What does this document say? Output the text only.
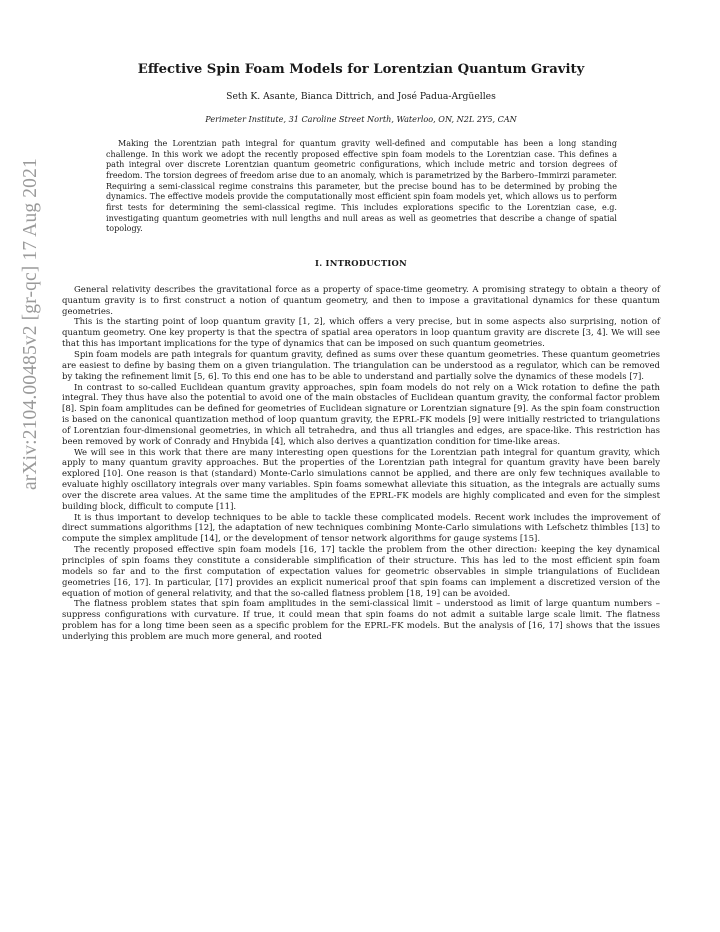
arXiv:2104.00485v2 [gr-qc] 17 Aug 2021
Effective Spin Foam Models for Lorentzian Quantum Gravity
Seth K. Asante, Bianca Dittrich, and José Padua-Argüelles
Perimeter Institute, 31 Caroline Street North, Waterloo, ON, N2L 2Y5, CAN
Making the Lorentzian path integral for quantum gravity well-defined and computable has been a long standing challenge. In this work we adopt the recently proposed effective spin foam models to the Lorentzian case. This defines a path integral over discrete Lorentzian quantum geometric configurations, which include metric and torsion degrees of freedom. The torsion degrees of freedom arise due to an anomaly, which is parametrized by the Barbero–Immirzi parameter. Requiring a semi-classical regime constrains this parameter, but the precise bound has to be determined by probing the dynamics. The effective models provide the computationally most efficient spin foam models yet, which allows us to perform first tests for determining the semi-classical regime. This includes explorations specific to the Lorentzian case, e.g. investigating quantum geometries with null lengths and null areas as well as geometries that describe a change of spatial topology.
I. INTRODUCTION

General relativity describes the gravitational force as a property of space-time geometry. A promising strategy to obtain a theory of quantum gravity is to first construct a notion of quantum geometry, and then to impose a gravitational dynamics for these quantum geometries.

This is the starting point of loop quantum gravity [1, 2], which offers a very precise, but in some aspects also surprising, notion of quantum geometry. One key property is that the spectra of spatial area operators in loop quantum gravity are discrete [3, 4]. We will see that this has important implications for the type of dynamics that can be imposed on such quantum geometries.

Spin foam models are path integrals for quantum gravity, defined as sums over these quantum geometries. These quantum geometries are easiest to define by basing them on a given triangulation. The triangulation can be understood as a regulator, which can be removed by taking the refinement limit [5, 6]. To this end one has to be able to understand and partially solve the dynamics of these models [7].

In contrast to so-called Euclidean quantum gravity approaches, spin foam models do not rely on a Wick rotation to define the path integral. They thus have also the potential to avoid one of the main obstacles of Euclidean quantum gravity, the conformal factor problem [8]. Spin foam amplitudes can be defined for geometries of Euclidean signature or Lorentzian signature [9]. As the spin foam construction is based on the canonical quantization method of loop quantum gravity, the EPRL-FK models [9] were initially restricted to triangulations of Lorentzian four-dimensional geometries, in which all tetrahedra, and thus all triangles and edges, are space-like. This restriction has been removed by work of Conrady and Hnybida [4], which also derives a quantization condition for time-like areas.

We will see in this work that there are many interesting open questions for the Lorentzian path integral for quantum gravity, which apply to many quantum gravity approaches. But the properties of the Lorentzian path integral for quantum gravity have been barely explored [10]. One reason is that (standard) Monte-Carlo simulations cannot be applied, and there are only few techniques available to evaluate highly oscillatory integrals over many variables. Spin foams somewhat alleviate this situation, as the integrals are actually sums over the discrete area values. At the same time the amplitudes of the EPRL-FK models are highly complicated and even for the simplest building block, difficult to compute [11].

It is thus important to develop techniques to be able to tackle these complicated models. Recent work includes the improvement of direct summations algorithms [12], the adaptation of new techniques combining Monte-Carlo simulations with Lefschetz thimbles [13] to compute the simplex amplitude [14], or the development of tensor network algorithms for gauge systems [15].

The recently proposed effective spin foam models [16, 17] tackle the problem from the other direction: keeping the key dynamical principles of spin foams they constitute a considerable simplification of their structure. This has led to the most efficient spin foam models so far and to the first computation of expectation values for geometric observables in simple triangulations of Euclidean geometries [16, 17]. In particular, [17] provides an explicit numerical proof that spin foams can implement a discretized version of the equation of motion of general relativity, and that the so-called flatness problem [18, 19] can be avoided.

The flatness problem states that spin foam amplitudes in the semi-classical limit – understood as limit of large quantum numbers – suppress configurations with curvature. If true, it could mean that spin foams do not admit a suitable large scale limit. The flatness problem has for a long time been seen as a specific problem for the EPRL-FK models. But the analysis of [16, 17] shows that the issues underlying this problem are much more general, and rooted
